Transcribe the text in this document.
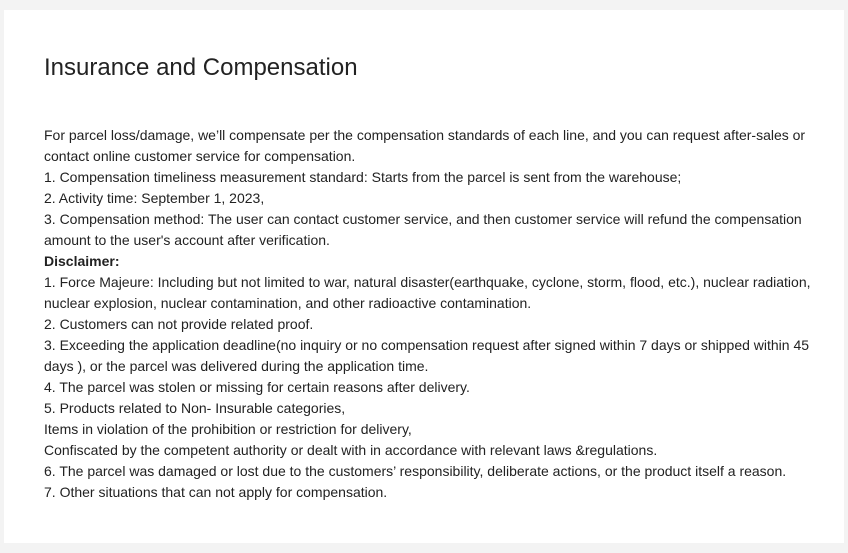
Insurance and Compensation

For parcel loss/damage, we’ll compensate per the compensation standards of each line, and you can request after-sales or contact online customer service for compensation.

1. Compensation timeliness measurement standard: Starts from the parcel is sent from the warehouse;

2. Activity time: September 1, 2023,

3. Compensation method: The user can contact customer service, and then customer service will refund the compensation amount to the user's account after verification.

Disclaimer:

1. Force Majeure: Including but not limited to war, natural disaster(earthquake, cyclone, storm, flood, etc.), nuclear radiation, nuclear explosion, nuclear contamination, and other radioactive contamination.

2. Customers can not provide related proof.

3. Exceeding the application deadline(no inquiry or no compensation request after signed within 7 days or shipped within 45 days ), or the parcel was delivered during the application time.

4. The parcel was stolen or missing for certain reasons after delivery.

5. Products related to Non- Insurable categories,

Items in violation of the prohibition or restriction for delivery,

Confiscated by the competent authority or dealt with in accordance with relevant laws &regulations.

6. The parcel was damaged or lost due to the customers’ responsibility, deliberate actions, or the product itself a reason.

7. Other situations that can not apply for compensation.
